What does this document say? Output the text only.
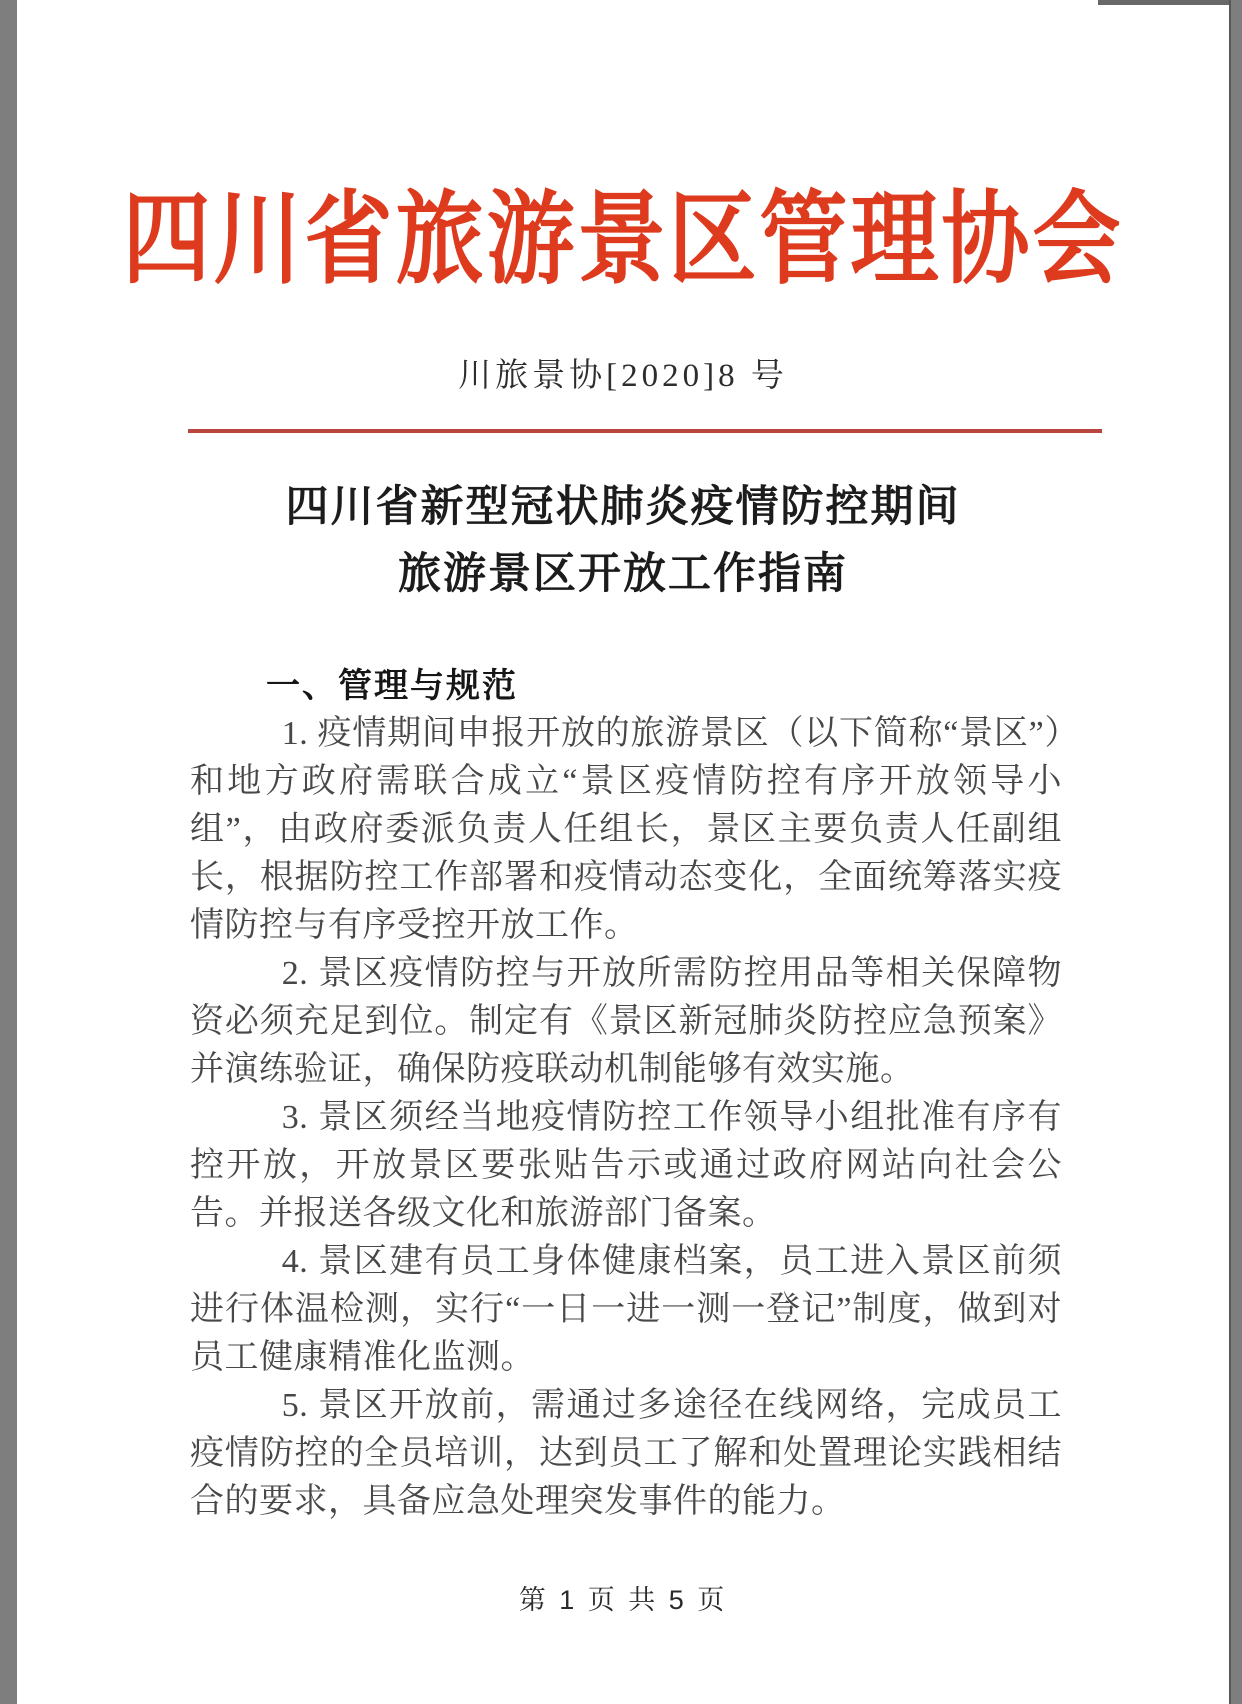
四川省旅游景区管理协会
川旅景协[2020]8 号
四川省新型冠状肺炎疫情防控期间
旅游景区开放工作指南
一、管理与规范

1. 疫情期间申报开放的旅游景区（以下简称“景区”）和地方政府需联合成立“景区疫情防控有序开放领导小组”，由政府委派负责人任组长，景区主要负责人任副组长，根据防控工作部署和疫情动态变化，全面统筹落实疫情防控与有序受控开放工作。

2. 景区疫情防控与开放所需防控用品等相关保障物资必须充足到位。制定有《景区新冠肺炎防控应急预案》并演练验证，确保防疫联动机制能够有效实施。

3. 景区须经当地疫情防控工作领导小组批准有序有控开放，开放景区要张贴告示或通过政府网站向社会公告。并报送各级文化和旅游部门备案。

4. 景区建有员工身体健康档案，员工进入景区前须进行体温检测，实行“一日一进一测一登记”制度，做到对员工健康精准化监测。

5. 景区开放前，需通过多途径在线网络，完成员工疫情防控的全员培训，达到员工了解和处置理论实践相结合的要求，具备应急处理突发事件的能力。

第 1 页 共 5 页
